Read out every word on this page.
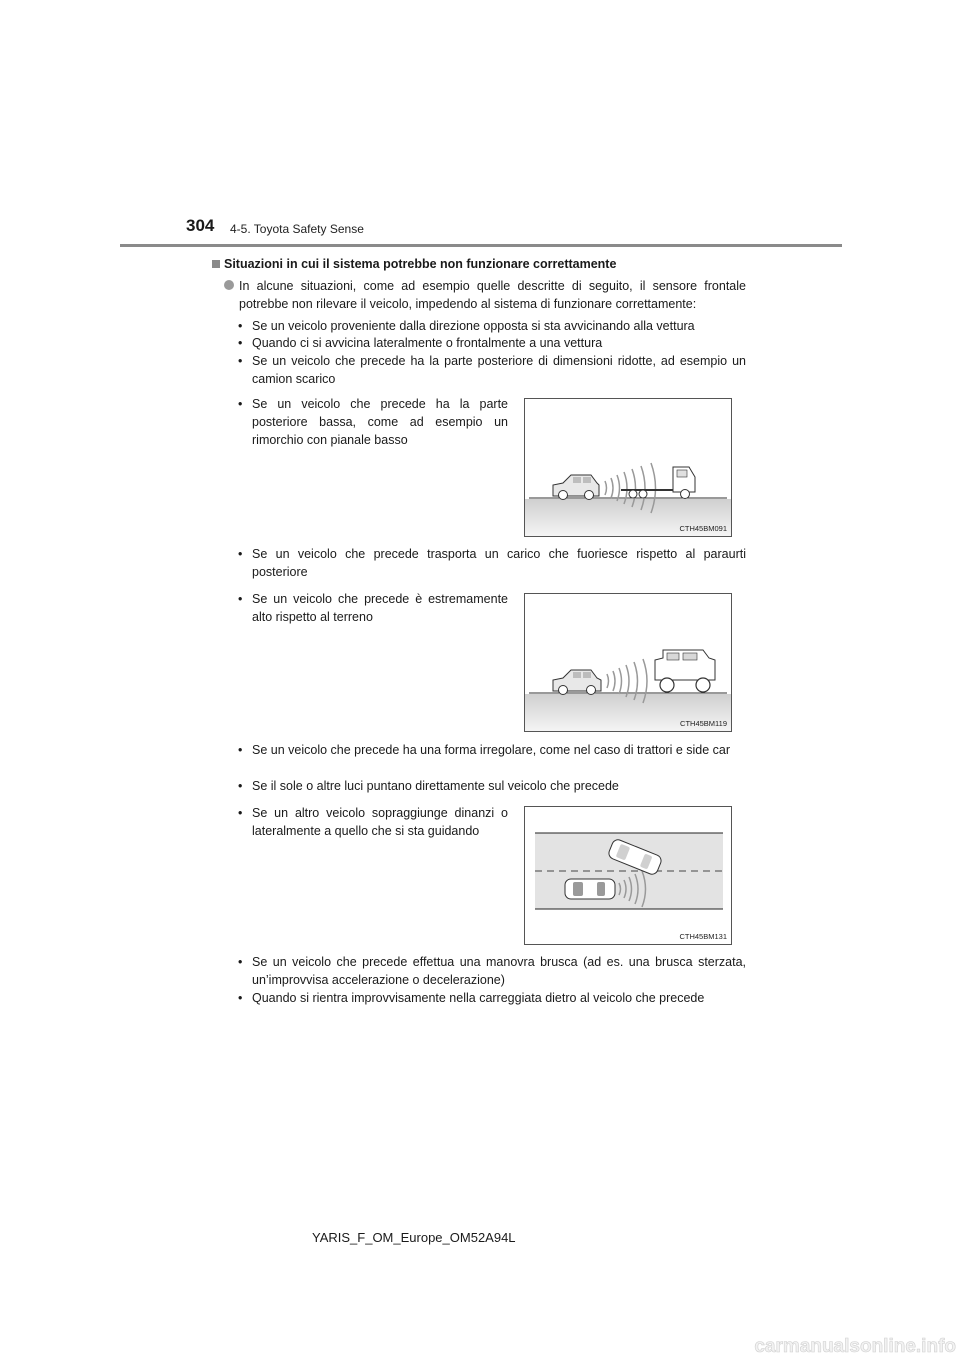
304 4-5. Toyota Safety Sense
Situazioni in cui il sistema potrebbe non funzionare correttamente
In alcune situazioni, come ad esempio quelle descritte di seguito, il sensore frontale potrebbe non rilevare il veicolo, impedendo al sistema di funzionare correttamente:
• Se un veicolo proveniente dalla direzione opposta si sta avvicinando alla vettura
• Quando ci si avvicina lateralmente o frontalmente a una vettura
• Se un veicolo che precede ha la parte posteriore di dimensioni ridotte, ad esempio un camion scarico
• Se un veicolo che precede ha la parte posteriore bassa, come ad esempio un rimorchio con pianale basso
CTH45BM091
• Se un veicolo che precede trasporta un carico che fuoriesce rispetto al paraurti posteriore
• Se un veicolo che precede è estremamente alto rispetto al terreno
CTH45BM119
• Se un veicolo che precede ha una forma irregolare, come nel caso di trattori e side car
• Se il sole o altre luci puntano direttamente sul veicolo che precede
• Se un altro veicolo sopraggiunge dinanzi o lateralmente a quello che si sta guidando
CTH45BM131
• Se un veicolo che precede effettua una manovra brusca (ad es. una brusca sterzata, un’improvvisa accelerazione o decelerazione)
• Quando si rientra improvvisamente nella carreggiata dietro al veicolo che precede
YARIS_F_OM_Europe_OM52A94L
carmanualsonline.info
